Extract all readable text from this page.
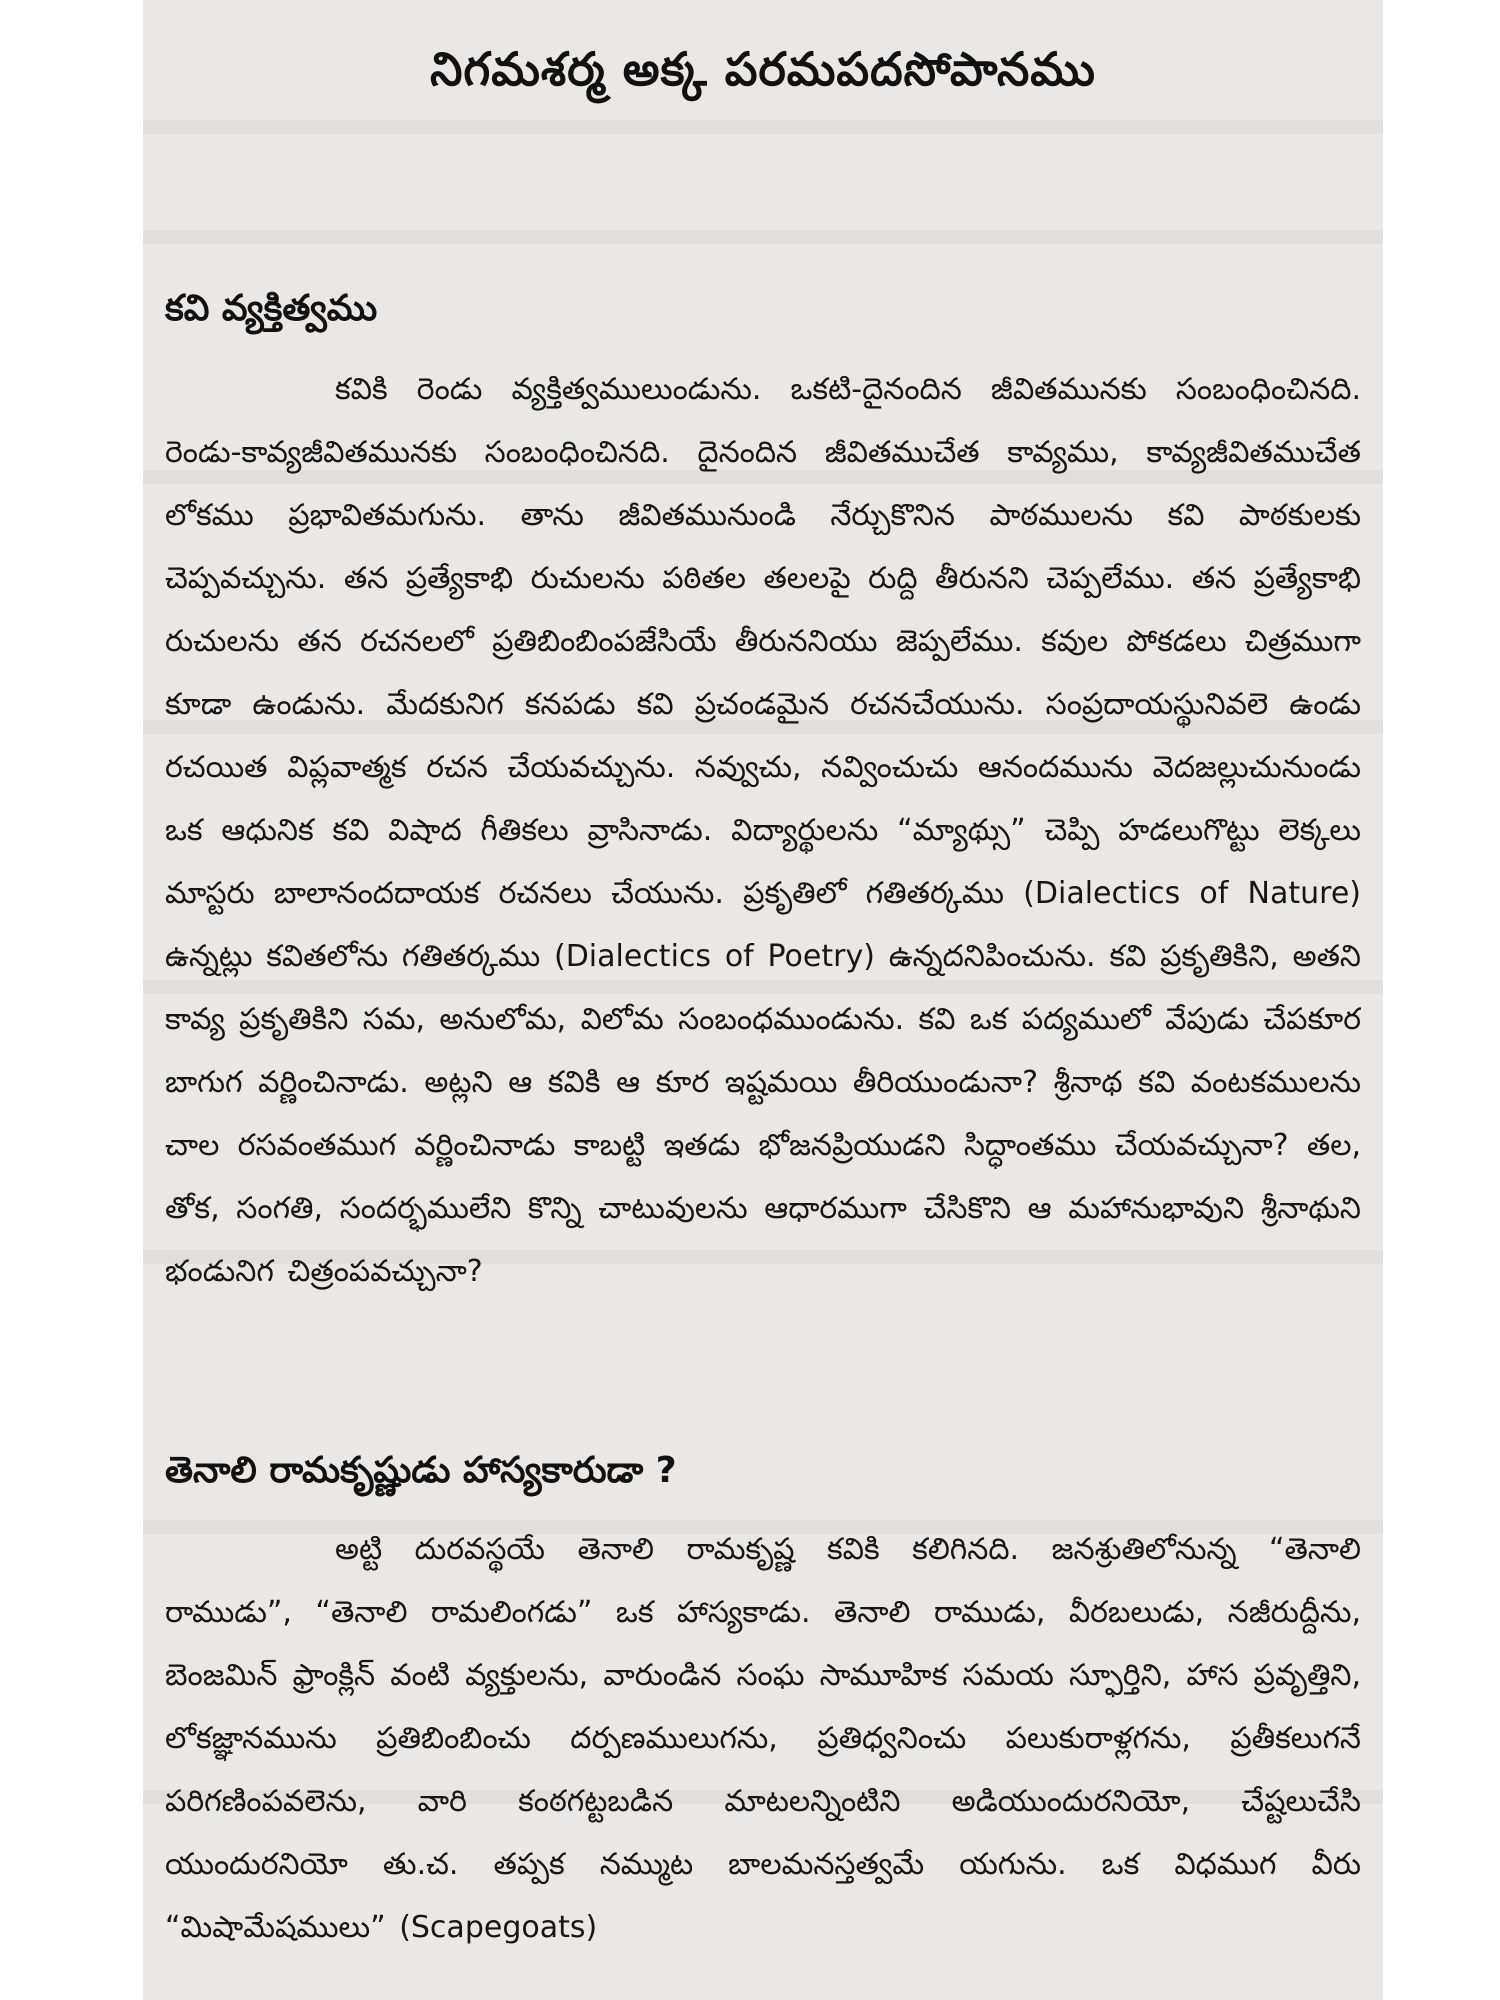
నిగమశర్మ అక్క పరమపదసోపానము
కవి వ్యక్తిత్వము
కవికి రెండు వ్యక్తిత్వములుండును. ఒకటి-దైనందిన జీవితమునకు సంబంధించినది. రెండు-కావ్యజీవితమునకు సంబంధించినది. దైనందిన జీవితముచేత కావ్యము, కావ్యజీవితముచేత లోకము ప్రభావితమగును. తాను జీవితమునుండి నేర్చుకొనిన పాఠములను కవి పాఠకులకు చెప్పవచ్చును. తన ప్రత్యేకాభి రుచులను పఠితల తలలపై రుద్ది తీరునని చెప్పలేము. తన ప్రత్యేకాభి రుచులను తన రచనలలో ప్రతిబింబింపజేసియే తీరుననియు జెప్పలేము. కవుల పోకడలు చిత్రముగా కూడా ఉండును. మేదకునిగ కనపడు కవి ప్రచండమైన రచనచేయును. సంప్రదాయస్థునివలె ఉండు రచయిత విప్లవాత్మక రచన చేయవచ్చును. నవ్వుచు, నవ్వించుచు ఆనందమును వెదజల్లుచునుండు ఒక ఆధునిక కవి విషాద గీతికలు వ్రాసినాడు. విద్యార్థులను “మ్యాథ్సు” చెప్పి హడలుగొట్టు లెక్కలు మాస్టరు బాలానందదాయక రచనలు చేయును. ప్రకృతిలో గతితర్కము (Dialectics of Nature) ఉన్నట్లు కవితలోను గతితర్కము (Dialectics of Poetry) ఉన్నదనిపించును. కవి ప్రకృతికిని, అతని కావ్య ప్రకృతికిని సమ, అనులోమ, విలోమ సంబంధముండును. కవి ఒక పద్యములో వేపుడు చేపకూర బాగుగ వర్ణించినాడు. అట్లని ఆ కవికి ఆ కూర ఇష్టమయి తీరియుండునా? శ్రీనాథ కవి వంటకములను చాల రసవంతముగ వర్ణించినాడు కాబట్టి ఇతడు భోజనప్రియుడని సిద్ధాంతము చేయవచ్చునా? తల, తోక, సంగతి, సందర్భములేని కొన్ని చాటువులను ఆధారముగా చేసికొని ఆ మహానుభావుని శ్రీనాథుని భండునిగ చిత్రంపవచ్చునా?
తెనాలి రామకృష్ణుడు హాస్యకారుడా ?
అట్టి దురవస్థయే తెనాలి రామకృష్ణ కవికి కలిగినది. జనశ్రుతిలోనున్న “తెనాలి రాముడు”, “తెనాలి రామలింగడు” ఒక హాస్యకాడు. తెనాలి రాముడు, వీరబలుడు, నజీరుద్దీను, బెంజమిన్ ఫ్రాంక్లిన్ వంటి వ్యక్తులను, వారుండిన సంఘ సామూహిక సమయ స్ఫూర్తిని, హాస ప్రవృత్తిని, లోకజ్ఞానమును ప్రతిబింబించు దర్పణములుగను, ప్రతిధ్వనించు పలుకురాళ్లగను, ప్రతీకలుగనే పరిగణింపవలెను, వారి కంఠగట్టబడిన మాటలన్నింటిని అడియుందురనియో, చేష్టలుచేసి యుందురనియో తు.చ. తప్పక నమ్ముట బాలమనస్తత్వమే యగును. ఒక విధముగ వీరు “మిషామేషములు” (Scapegoats)
